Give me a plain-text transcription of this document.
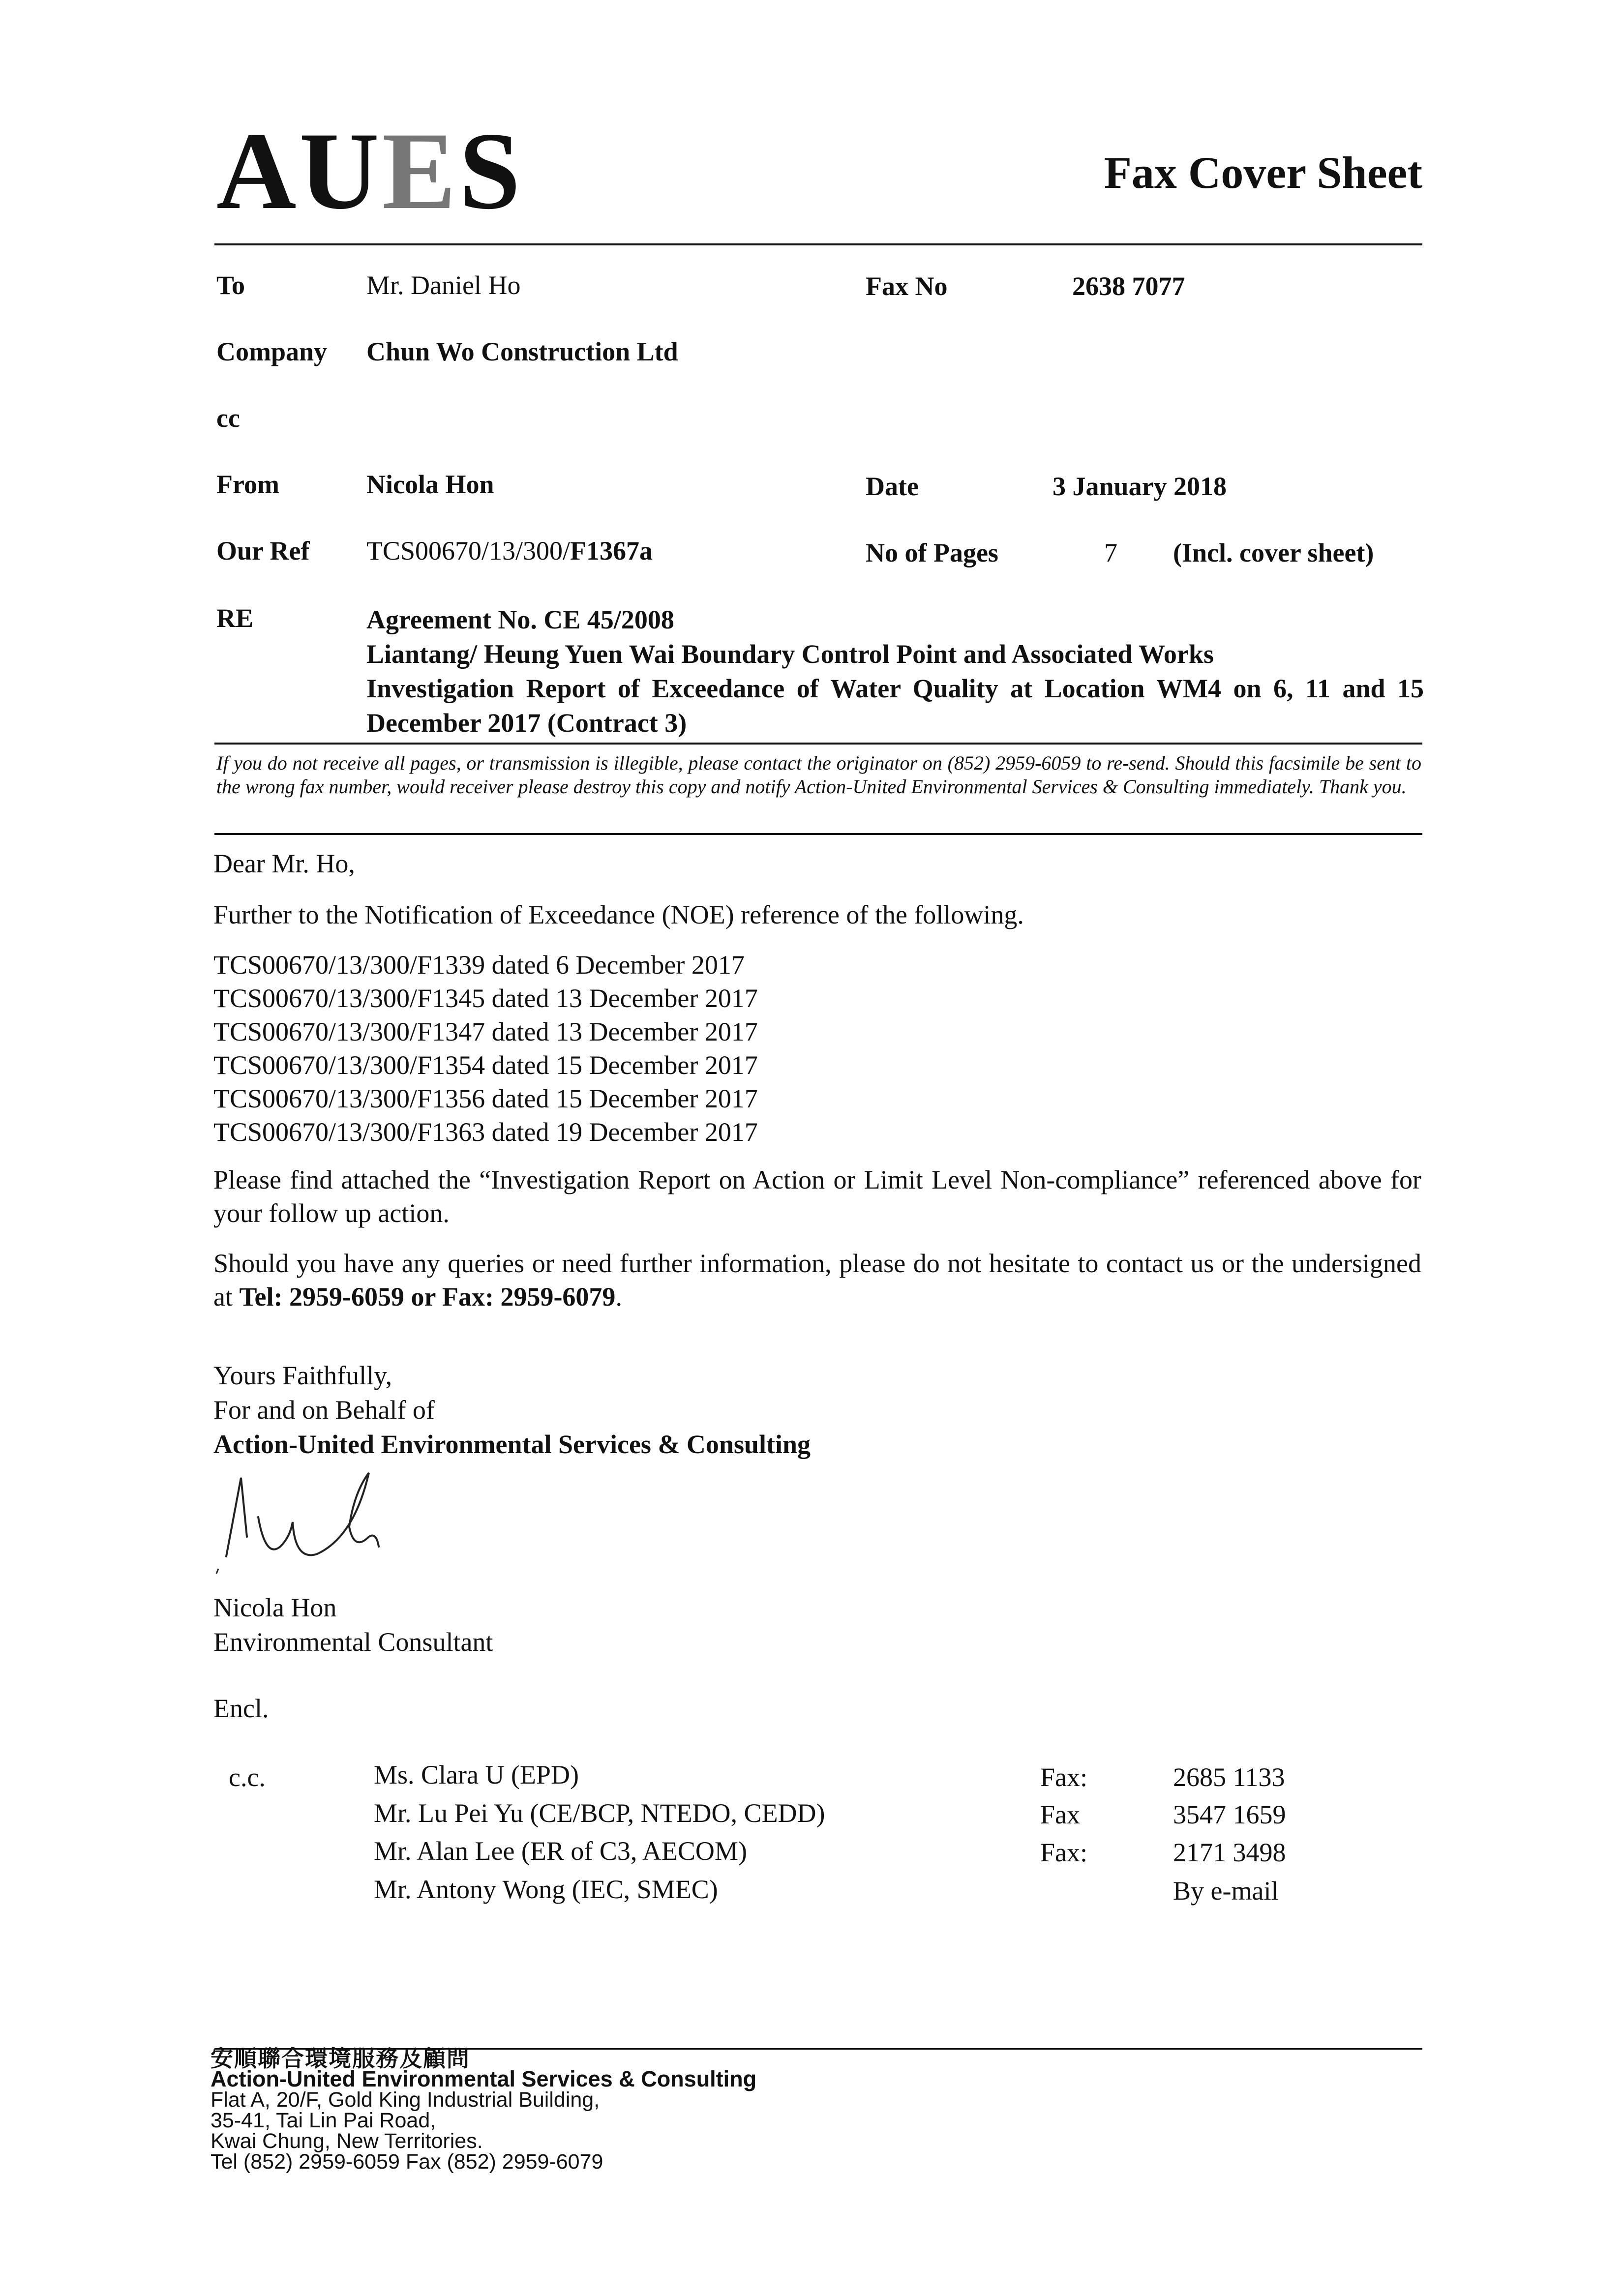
AUES	Fax Cover Sheet
To	Mr. Daniel Ho	Fax No	2638 7077
Company Chun Wo Construction Ltd
cc
From	Nicola Hon	Date	3 January 2018
Our Ref TCS00670/13/300/F1367a	No of Pages	7 (Incl. cover sheet)
RE	Agreement No. CE 45/2008
Liantang/ Heung Yuen Wai Boundary Control Point and Associated Works
Investigation Report of Exceedance of Water Quality at Location WM4 on 6, 11 and 15 December 2017 (Contract 3)
If you do not receive all pages, or transmission is illegible, please contact the originator on (852) 2959-6059 to re-send. Should this facsimile be sent to the wrong fax number, would receiver please destroy this copy and notify Action-United Environmental Services & Consulting immediately. Thank you.
Dear Mr. Ho,
Further to the Notification of Exceedance (NOE) reference of the following.
TCS00670/13/300/F1339 dated 6 December 2017
TCS00670/13/300/F1345 dated 13 December 2017
TCS00670/13/300/F1347 dated 13 December 2017
TCS00670/13/300/F1354 dated 15 December 2017
TCS00670/13/300/F1356 dated 15 December 2017
TCS00670/13/300/F1363 dated 19 December 2017
Please find attached the “Investigation Report on Action or Limit Level Non-compliance” referenced above for your follow up action.
Should you have any queries or need further information, please do not hesitate to contact us or the undersigned at Tel: 2959-6059 or Fax: 2959-6079.
Yours Faithfully,
For and on Behalf of
Action-United Environmental Services & Consulting
Nicola Hon
Environmental Consultant
Encl.
c.c.	Ms. Clara U (EPD)	Fax:	2685 1133
Mr. Lu Pei Yu (CE/BCP, NTEDO, CEDD)	Fax	3547 1659
Mr. Alan Lee (ER of C3, AECOM)	Fax:	2171 3498
Mr. Antony Wong (IEC, SMEC)	By e-mail
安順聯合環境服務及顧問
Action-United Environmental Services & Consulting
Flat A, 20/F, Gold King Industrial Building,
35-41, Tai Lin Pai Road,
Kwai Chung, New Territories.
Tel (852) 2959-6059 Fax (852) 2959-6079
